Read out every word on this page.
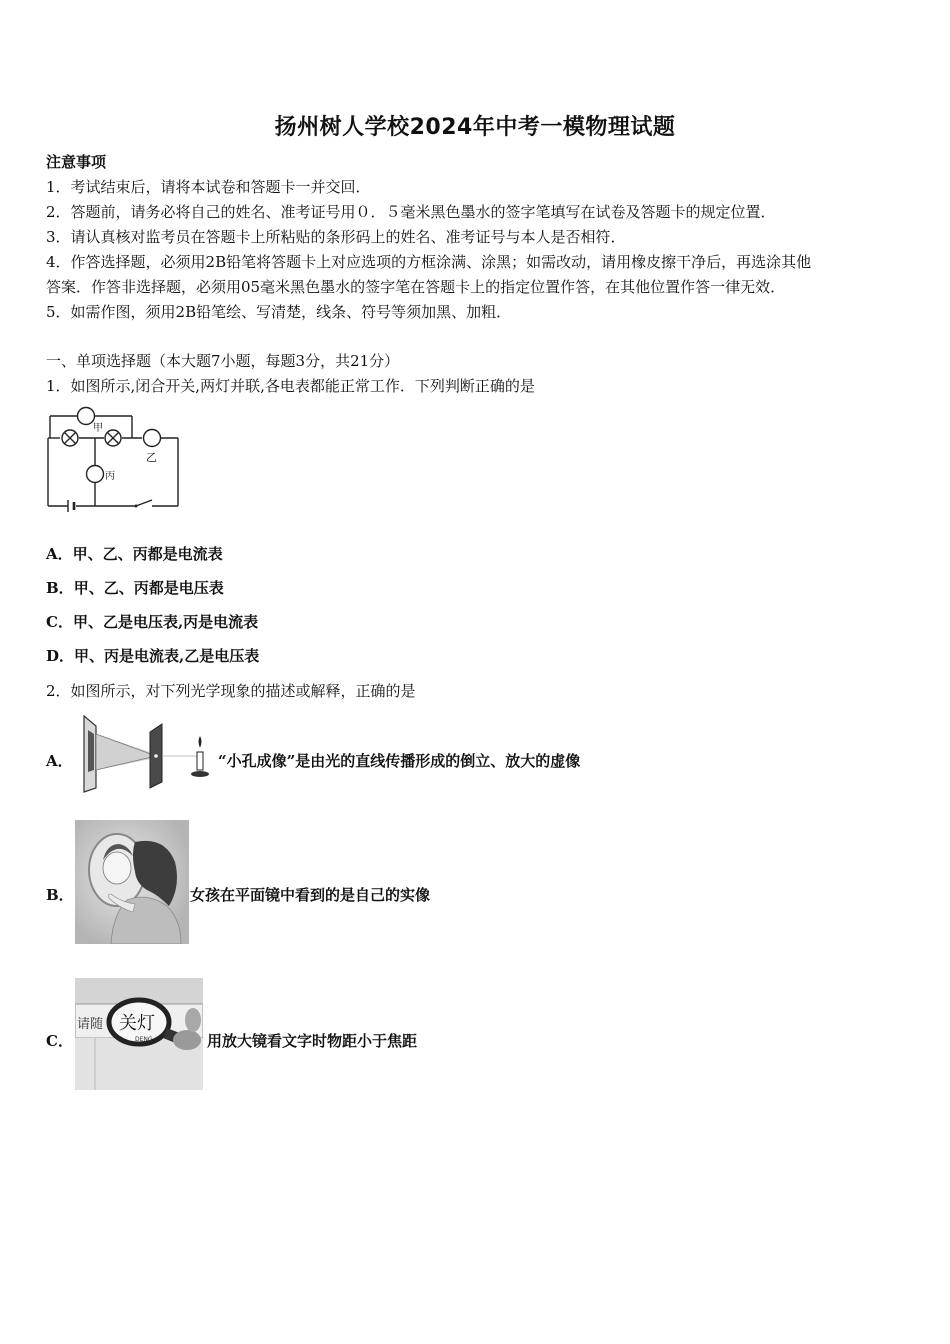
扬州树人学校2024年中考一模物理试题
注意事项
1．考试结束后，请将本试卷和答题卡一并交回．
2．答题前，请务必将自己的姓名、准考证号用０．５毫米黑色墨水的签字笔填写在试卷及答题卡的规定位置．
3．请认真核对监考员在答题卡上所粘贴的条形码上的姓名、准考证号与本人是否相符．
4．作答选择题，必须用2B铅笔将答题卡上对应选项的方框涂满、涂黑；如需改动，请用橡皮擦干净后，再选涂其他
答案．作答非选择题，必须用05毫米黑色墨水的签字笔在答题卡上的指定位置作答，在其他位置作答一律无效．
5．如需作图，须用2B铅笔绘、写清楚，线条、符号等须加黑、加粗．
一、单项选择题（本大题7小题，每题3分，共21分）
1．如图所示,闭合开关,两灯并联,各电表都能正常工作．下列判断正确的是
甲
乙
丙
A．甲、乙、丙都是电流表
B．甲、乙、丙都是电压表
C．甲、乙是电压表,丙是电流表
D．甲、丙是电流表,乙是电压表
2．如图所示，对下列光学现象的描述或解释，正确的是
A．	“小孔成像”是由光的直线传播形成的倒立、放大的虚像
B．	女孩在平面镜中看到的是自己的实像
C．
请随 关灯
DENG	用放大镜看文字时物距小于焦距
